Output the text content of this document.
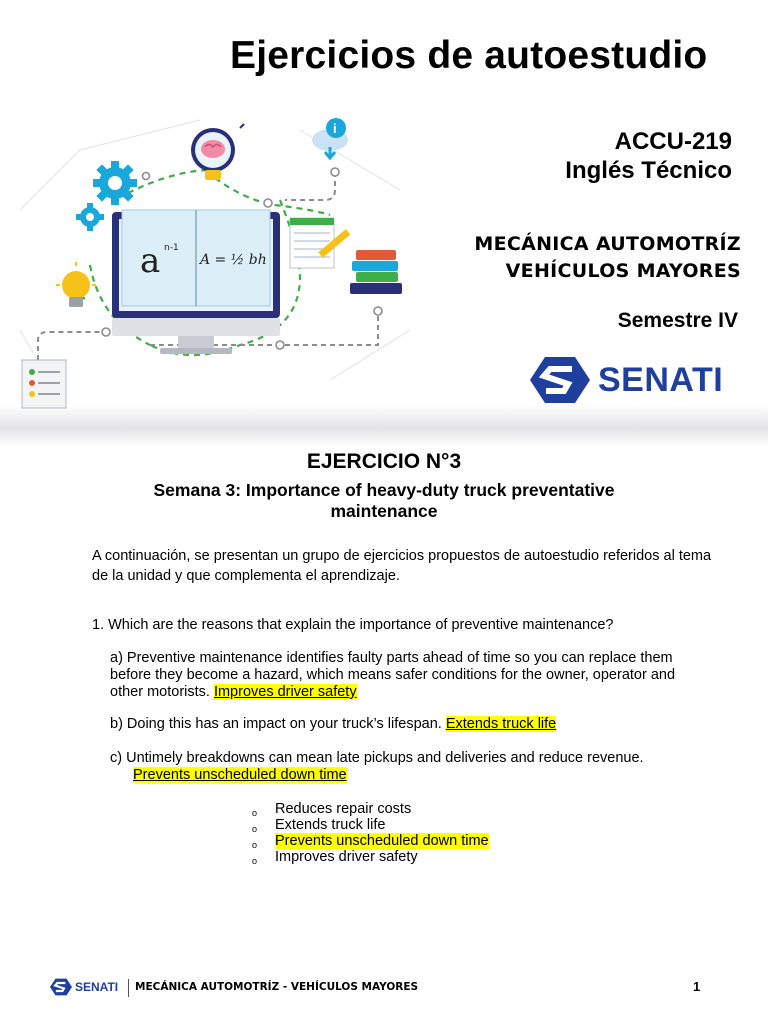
a n-1
A = ½ bh
i
Ejercicios de autoestudio
ACCU-219
Inglés Técnico
MECÁNICA AUTOMOTRÍZ
VEHÍCULOS MAYORES
Semestre IV
SENATI
EJERCICIO N°3
Semana 3: Importance of heavy-duty truck preventative maintenance
A continuación, se presentan un grupo de ejercicios propuestos de autoestudio referidos al tema de la unidad y que complementa el aprendizaje.
1. Which are the reasons that explain the importance of preventive maintenance?
a) Preventive maintenance identifies faulty parts ahead of time so you can replace them before they become a hazard, which means safer conditions for the owner, operator and other motorists. Improves driver safety
b) Doing this has an impact on your truck’s lifespan. Extends truck life
c) Untimely breakdowns can mean late pickups and deliveries and reduce revenue.
Prevents unscheduled down time
o Reduces repair costs
o Extends truck life
o Prevents unscheduled down time
o Improves driver safety
SENATI MECÁNICA AUTOMOTRÍZ - VEHÍCULOS MAYORES	1
